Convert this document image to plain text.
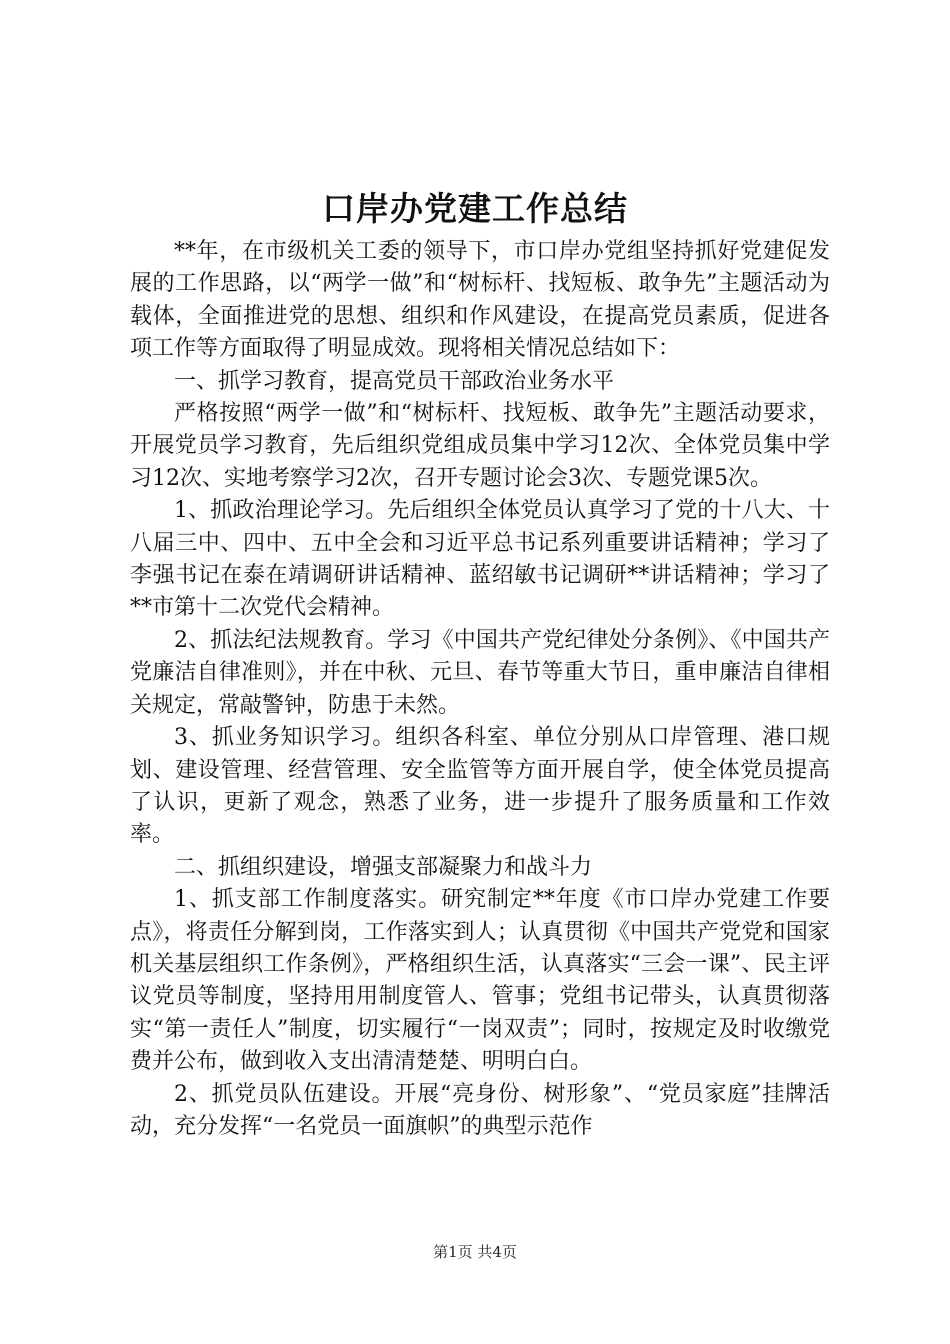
口岸办党建工作总结

**年，在市级机关工委的领导下，市口岸办党组坚持抓好党建促发展的工作思路，以“两学一做”和“树标杆、找短板、敢争先”主题活动为载体，全面推进党的思想、组织和作风建设，在提高党员素质，促进各项工作等方面取得了明显成效。现将相关情况总结如下：

一、抓学习教育，提高党员干部政治业务水平

严格按照“两学一做”和“树标杆、找短板、敢争先”主题活动要求，开展党员学习教育，先后组织党组成员集中学习12次、全体党员集中学习12次、实地考察学习2次，召开专题讨论会3次、专题党课5次。

1、抓政治理论学习。先后组织全体党员认真学习了党的十八大、十八届三中、四中、五中全会和习近平总书记系列重要讲话精神；学习了李强书记在泰在靖调研讲话精神、蓝绍敏书记调研**讲话精神；学习了**市第十二次党代会精神。

2、抓法纪法规教育。学习《中国共产党纪律处分条例》、《中国共产党廉洁自律准则》，并在中秋、元旦、春节等重大节日，重申廉洁自律相关规定，常敲警钟，防患于未然。

3、抓业务知识学习。组织各科室、单位分别从口岸管理、港口规划、建设管理、经营管理、安全监管等方面开展自学，使全体党员提高了认识，更新了观念，熟悉了业务，进一步提升了服务质量和工作效率。

二、抓组织建设，增强支部凝聚力和战斗力

1、抓支部工作制度落实。研究制定**年度《市口岸办党建工作要点》，将责任分解到岗，工作落实到人；认真贯彻《中国共产党党和国家机关基层组织工作条例》，严格组织生活，认真落实“三会一课”、民主评议党员等制度，坚持用用制度管人、管事；党组书记带头，认真贯彻落实“第一责任人”制度，切实履行“一岗双责”；同时，按规定及时收缴党费并公布，做到收入支出清清楚楚、明明白白。

2、抓党员队伍建设。开展“亮身份、树形象”、“党员家庭”挂牌活动，充分发挥“一名党员一面旗帜”的典型示范作

第1页 共4页
